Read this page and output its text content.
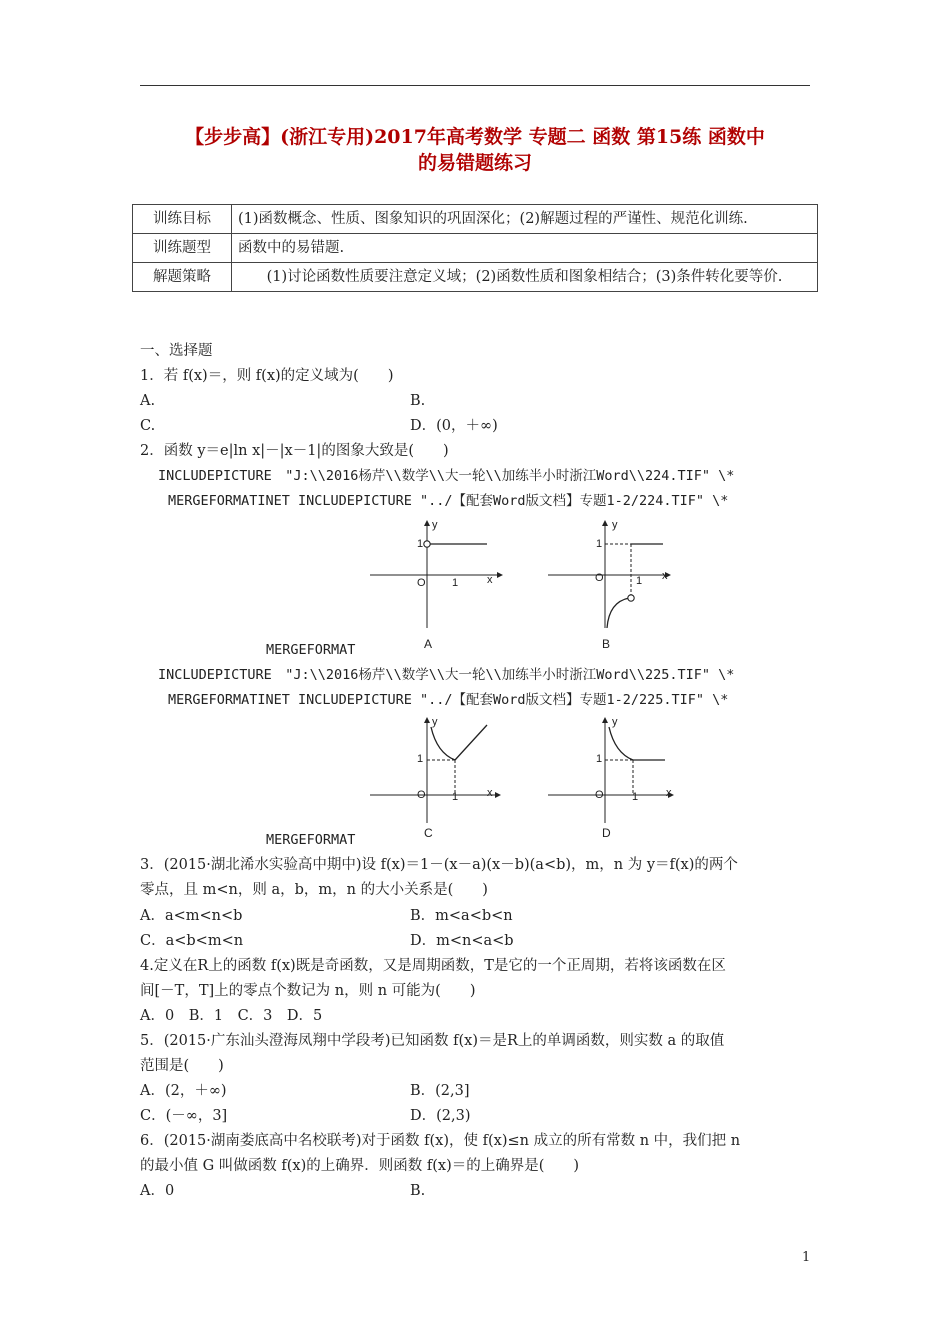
【步步高】(浙江专用)2017年高考数学 专题二 函数 第15练 函数中
的易错题练习
训练目标	(1)函数概念、性质、图象知识的巩固深化；(2)解题过程的严谨性、规范化训练.
训练题型	函数中的易错题.
解题策略	(1)讨论函数性质要注意定义域；(2)函数性质和图象相结合；(3)条件转化要等价.
一、选择题
1．若 f(x)＝，则 f(x)的定义域为(　　)
A.	B.
C.	D．(0，＋∞)
2．函数 y＝e|ln x|－|x－1|的图象大致是(　　)
INCLUDEPICTURE　"J:\\2016杨芹\\数学\\大一轮\\加练半小时浙江Word\\224.TIF" \*
MERGEFORMATINET INCLUDEPICTURE "../【配套Word版文档】专题1-2/224.TIF" \*
y
1
O 1	x
A
y
1
O	1 x
B
MERGEFORMAT
INCLUDEPICTURE　"J:\\2016杨芹\\数学\\大一轮\\加练半小时浙江Word\\225.TIF" \*
MERGEFORMATINET INCLUDEPICTURE "../【配套Word版文档】专题1-2/225.TIF" \*
y
1
O 1	x
C
y
1
O	1	x
D
MERGEFORMAT
3．(2015·湖北浠水实验高中期中)设 f(x)＝1－(x－a)(x－b)(a<b)，m，n 为 y＝f(x)的两个
零点，且 m<n，则 a，b，m，n 的大小关系是(　　)
A．a<m<n<b	B．m<a<b<n
C．a<b<m<n	D．m<n<a<b
4.定义在R上的函数 f(x)既是奇函数，又是周期函数，T是它的一个正周期，若将该函数在区
间[－T，T]上的零点个数记为 n，则 n 可能为(　　)
A．0　B．1　C．3　D．5
5．(2015·广东汕头澄海凤翔中学段考)已知函数 f(x)＝是R上的单调函数，则实数 a 的取值
范围是(　　)
A．(2，＋∞)	B．(2,3]
C．(－∞，3]	D．(2,3)
6．(2015·湖南娄底高中名校联考)对于函数 f(x)，使 f(x)≤n 成立的所有常数 n 中，我们把 n
的最小值 G 叫做函数 f(x)的上确界．则函数 f(x)＝的上确界是(　　)
A．0	B.
1
